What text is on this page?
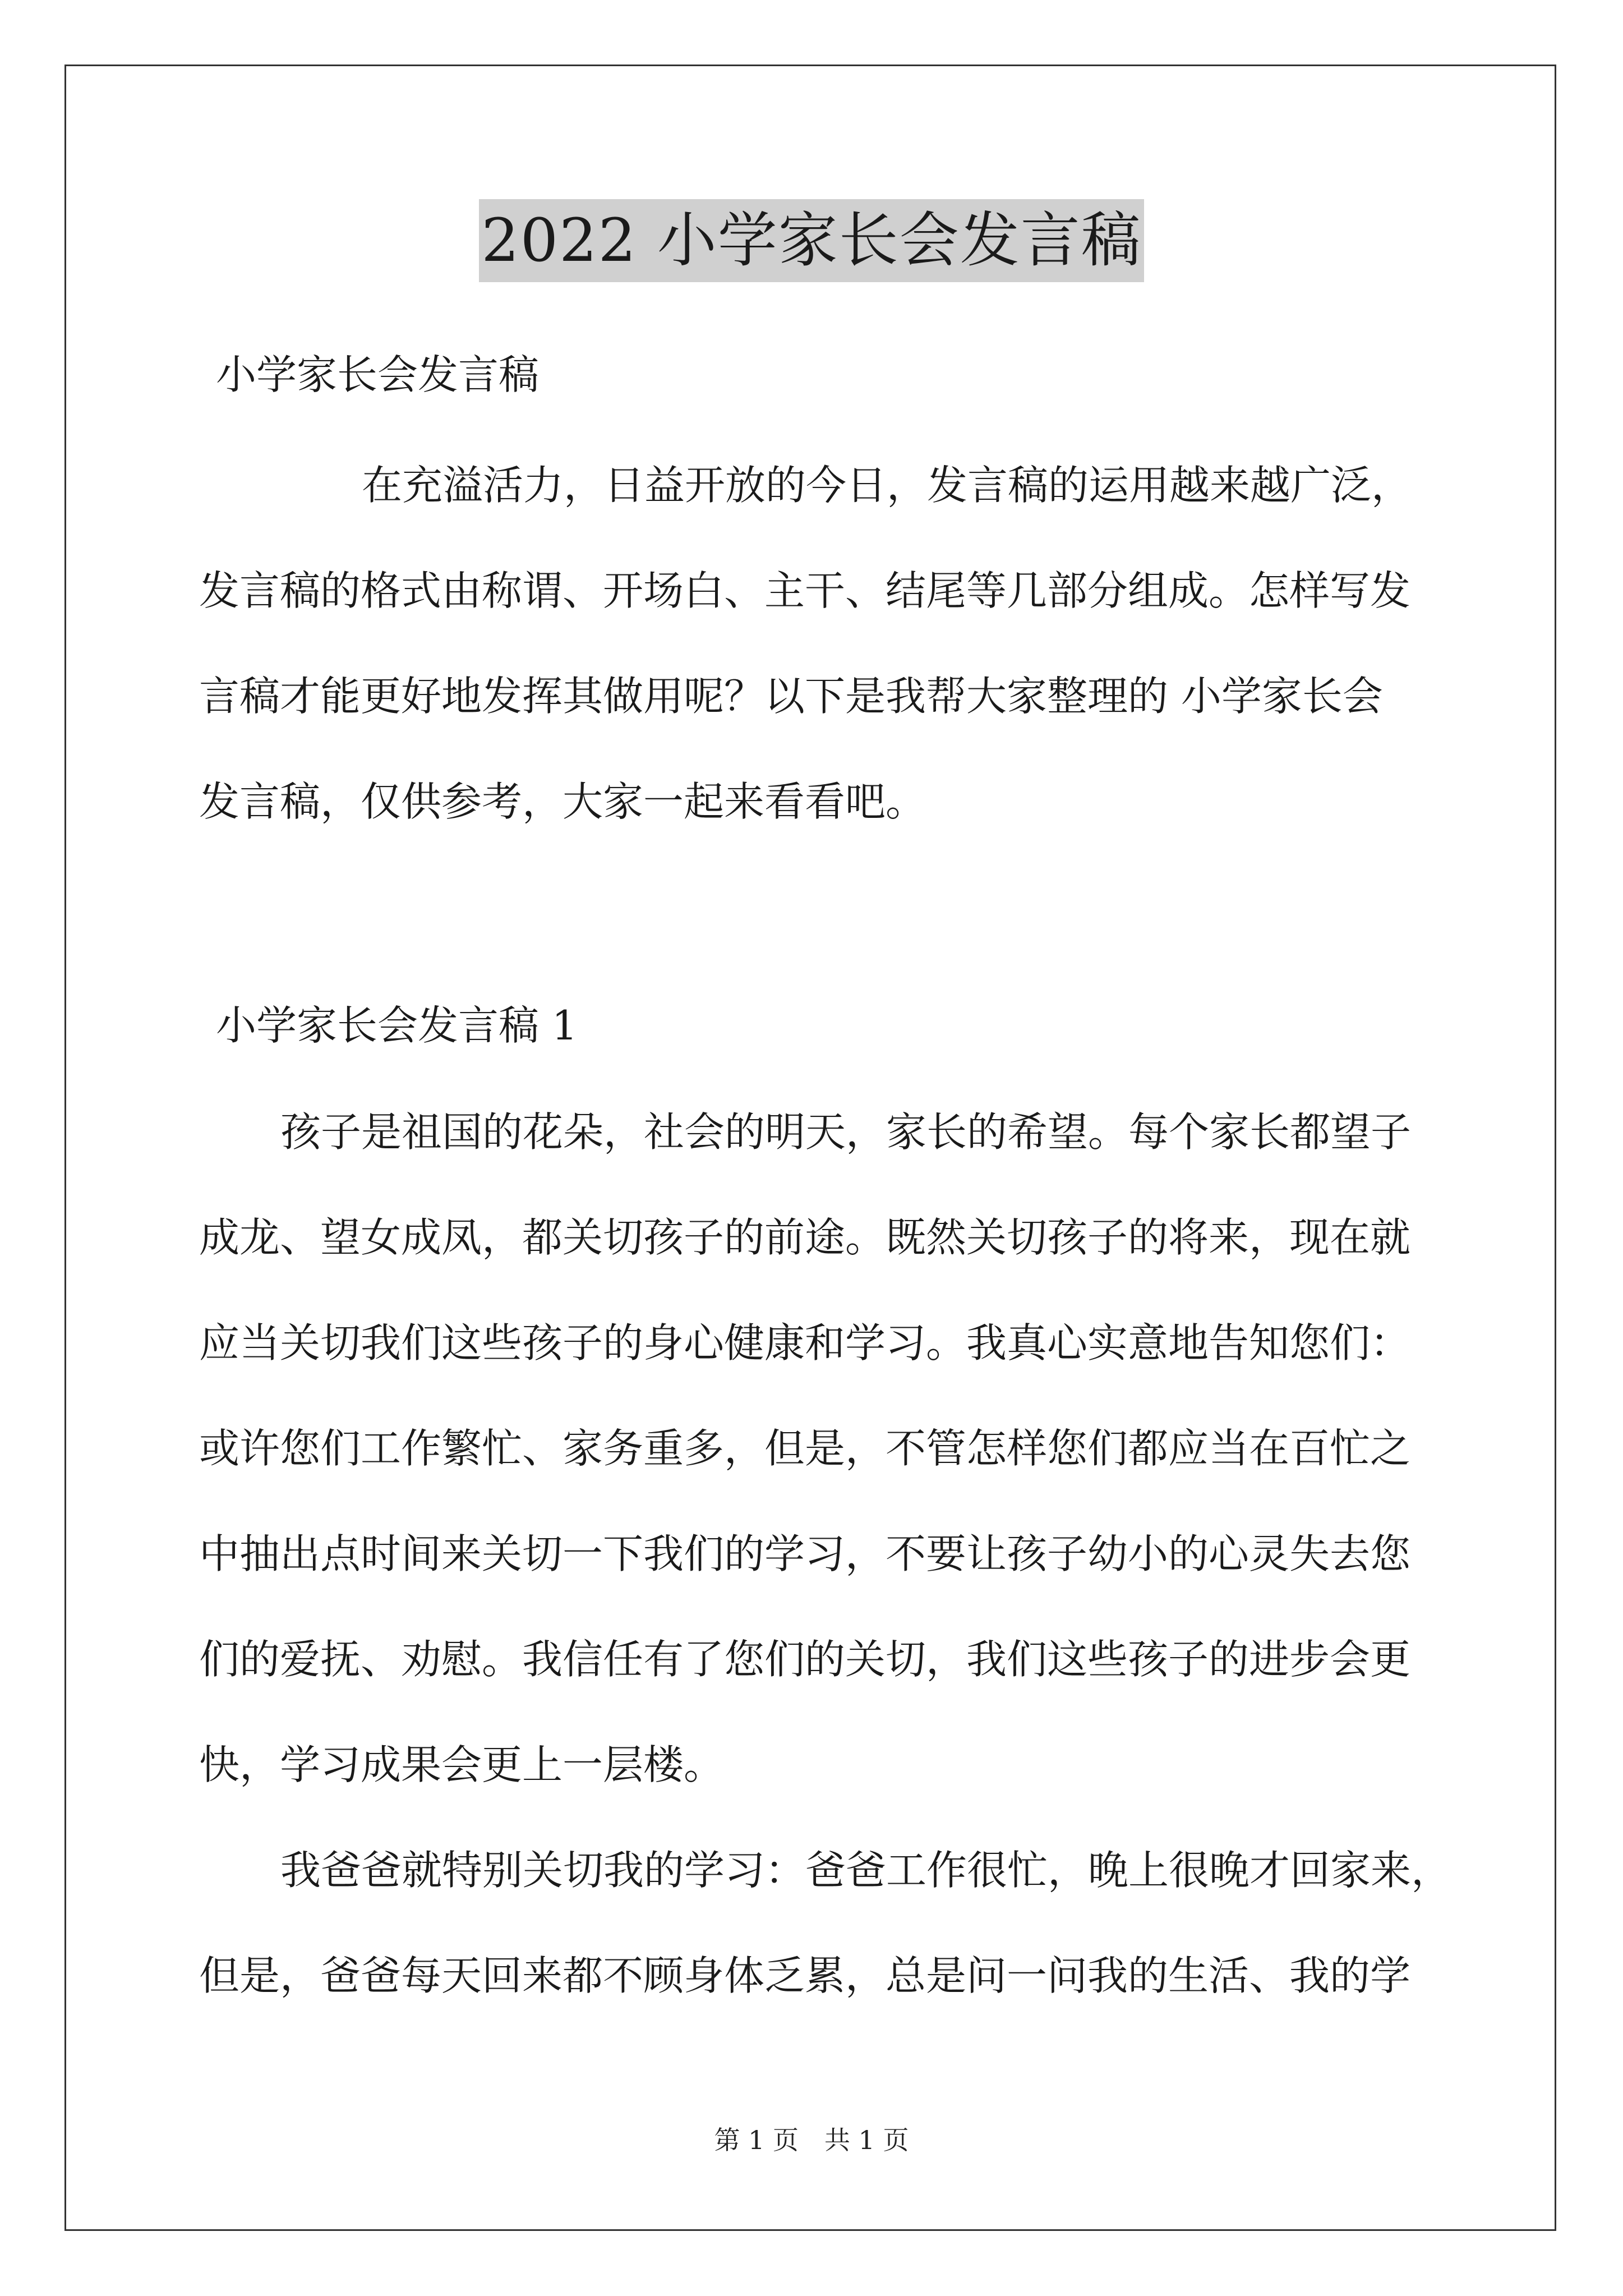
2022 小学家长会发言稿

小学家长会发言稿

在充溢活力，日益开放的今日，发言稿的运用越来越广泛，
发言稿的格式由称谓、开场白、主干、结尾等几部分组成。怎样写发
言稿才能更好地发挥其做用呢？以下是我帮大家整理的 小学家长会
发言稿，仅供参考，大家一起来看看吧。

小学家长会发言稿 1

孩子是祖国的花朵，社会的明天，家长的希望。每个家长都望子
成龙、望女成凤，都关切孩子的前途。既然关切孩子的将来，现在就
应当关切我们这些孩子的身心健康和学习。我真心实意地告知您们：
或许您们工作繁忙、家务重多，但是，不管怎样您们都应当在百忙之
中抽出点时间来关切一下我们的学习，不要让孩子幼小的心灵失去您
们的爱抚、劝慰。我信任有了您们的关切，我们这些孩子的进步会更
快，学习成果会更上一层楼。
我爸爸就特别关切我的学习：爸爸工作很忙，晚上很晚才回家来，
但是，爸爸每天回来都不顾身体乏累，总是问一问我的生活、我的学
第 1 页　共 1 页
